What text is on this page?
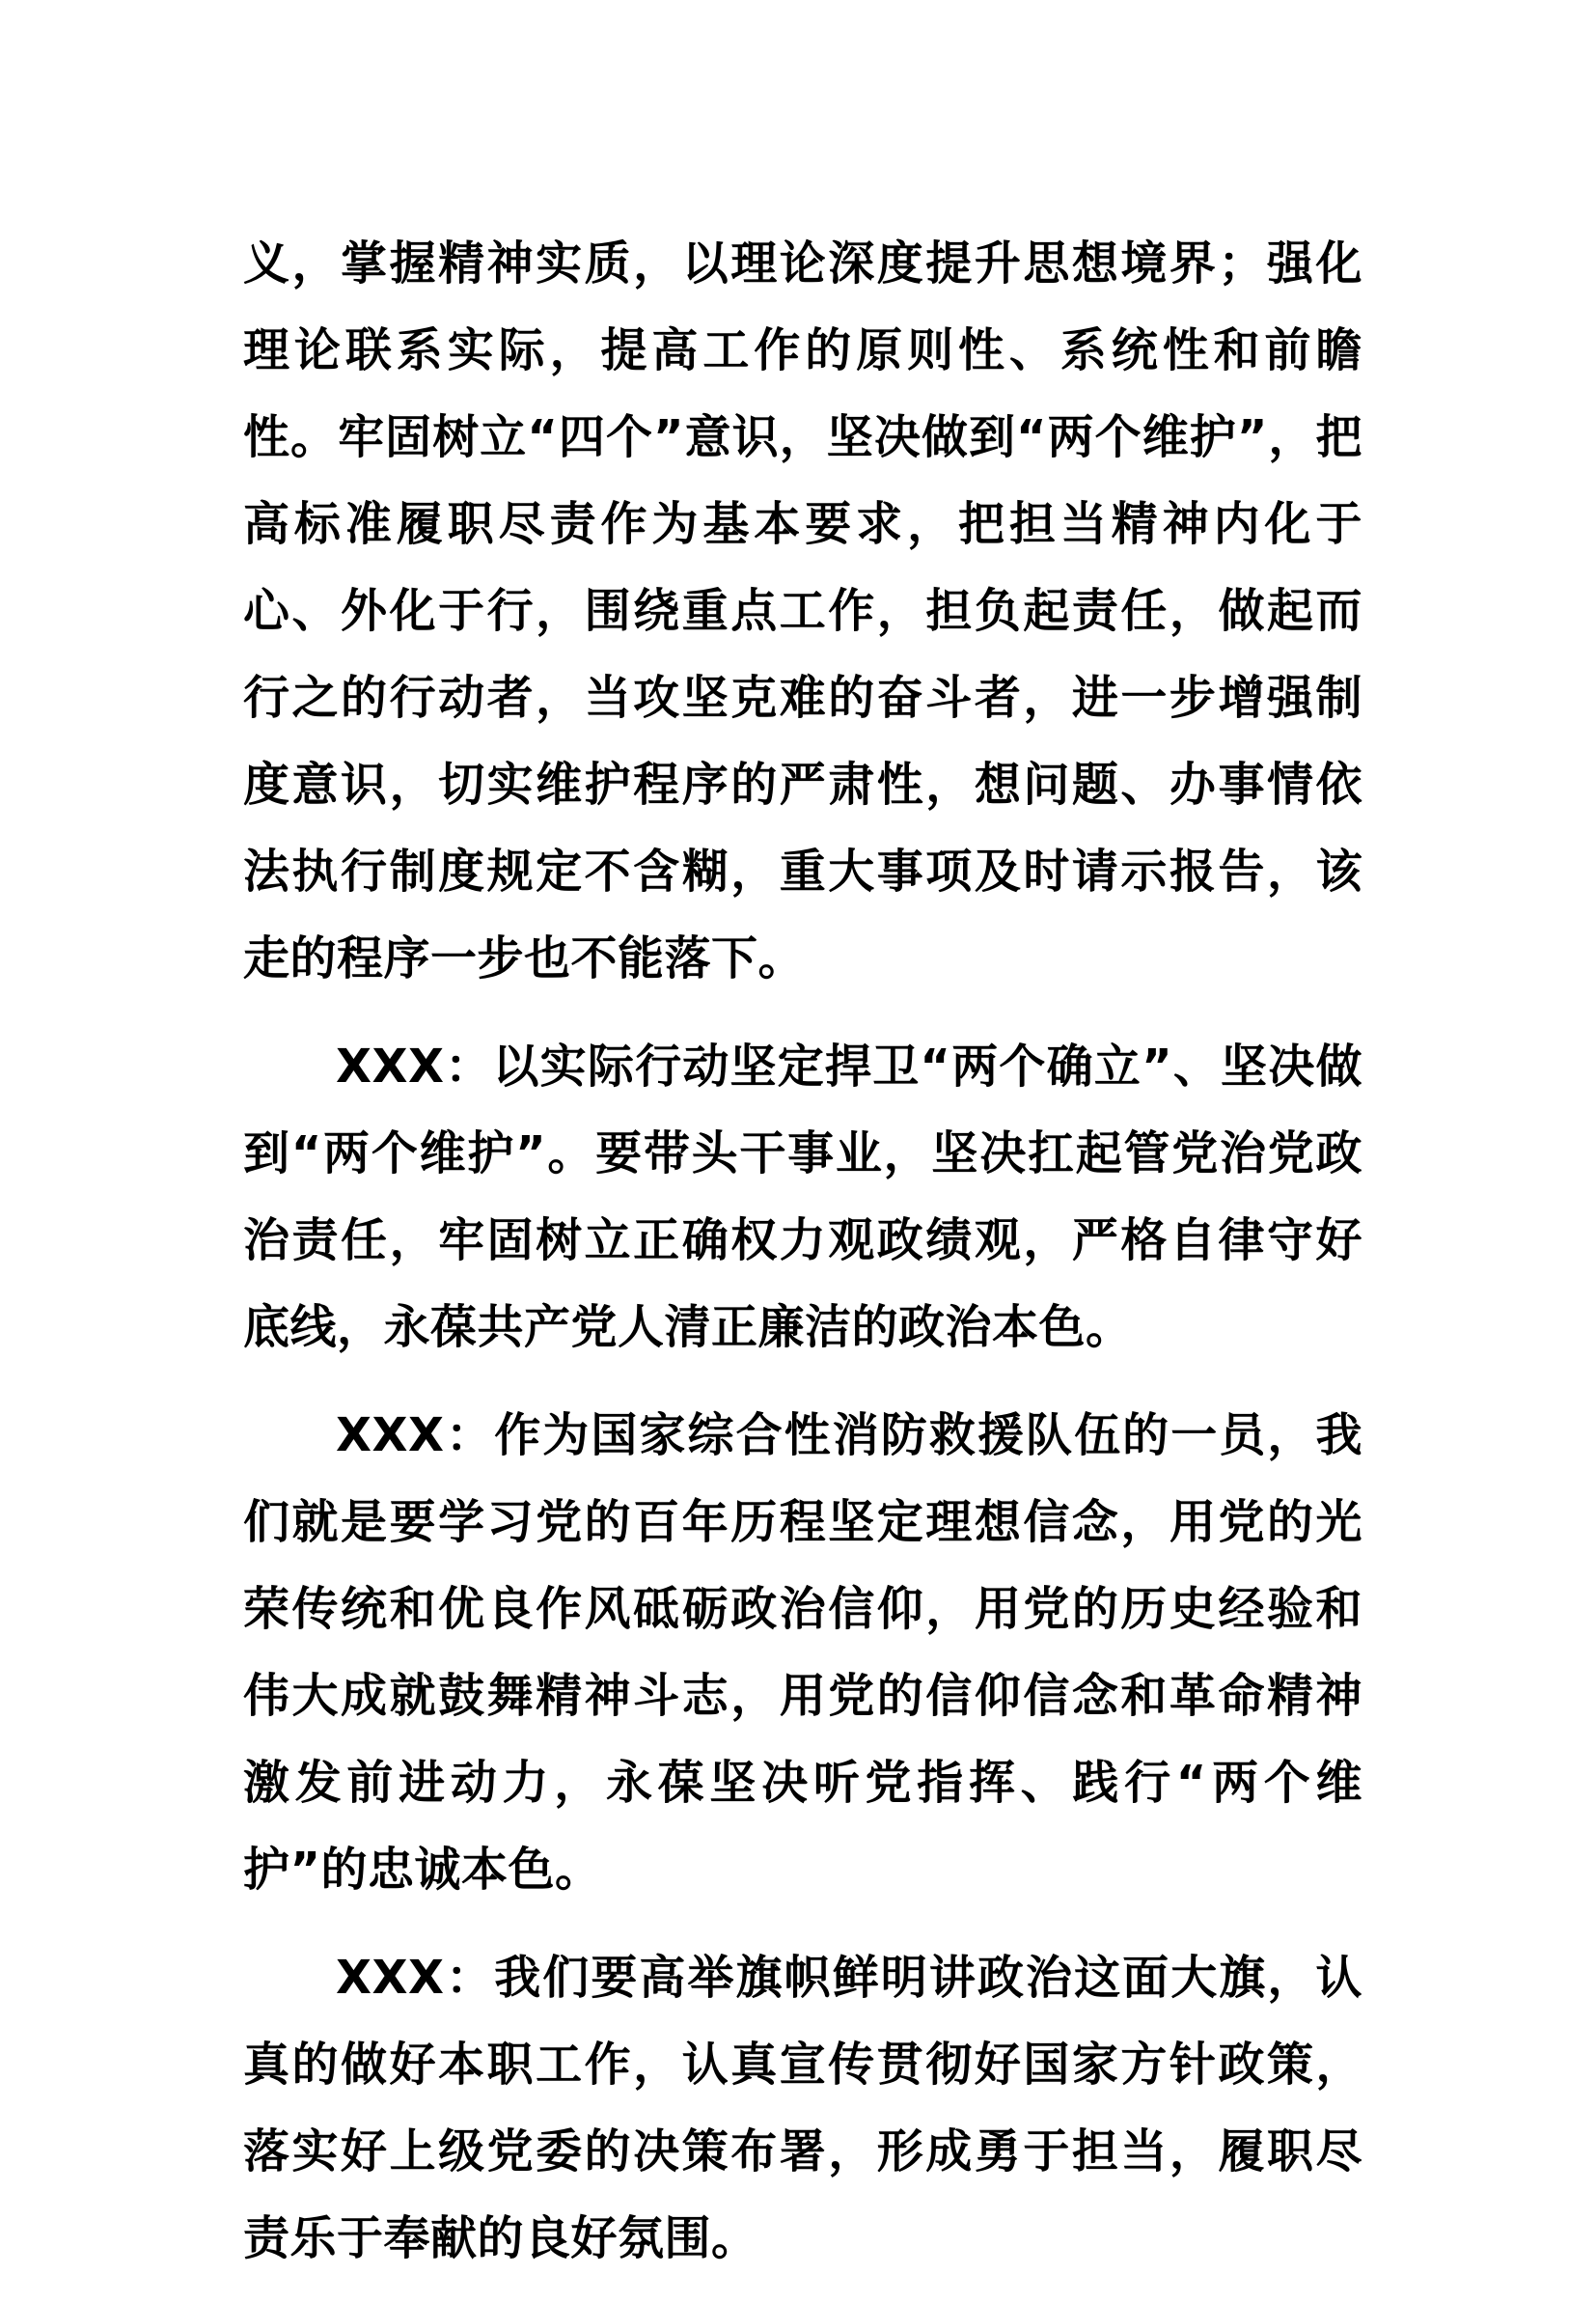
义，掌握精神实质，以理论深度提升思想境界；强化理论联系实际，提高工作的原则性、系统性和前瞻性。牢固树立“四个”意识，坚决做到“两个维护”，把高标准履职尽责作为基本要求，把担当精神内化于心、外化于行，围绕重点工作，担负起责任，做起而行之的行动者，当攻坚克难的奋斗者，进一步增强制度意识，切实维护程序的严肃性，想问题、办事情依法执行制度规定不含糊，重大事项及时请示报告，该走的程序一步也不能落下。

XXX：以实际行动坚定捍卫“两个确立”、坚决做到“两个维护”。要带头干事业，坚决扛起管党治党政治责任，牢固树立正确权力观政绩观，严格自律守好底线，永葆共产党人清正廉洁的政治本色。

XXX：作为国家综合性消防救援队伍的一员，我们就是要学习党的百年历程坚定理想信念，用党的光荣传统和优良作风砥砺政治信仰，用党的历史经验和伟大成就鼓舞精神斗志，用党的信仰信念和革命精神激发前进动力，永葆坚决听党指挥、践行“两个维护”的忠诚本色。

XXX：我们要高举旗帜鲜明讲政治这面大旗，认真的做好本职工作，认真宣传贯彻好国家方针政策，落实好上级党委的决策布署，形成勇于担当，履职尽责乐于奉献的良好氛围。
